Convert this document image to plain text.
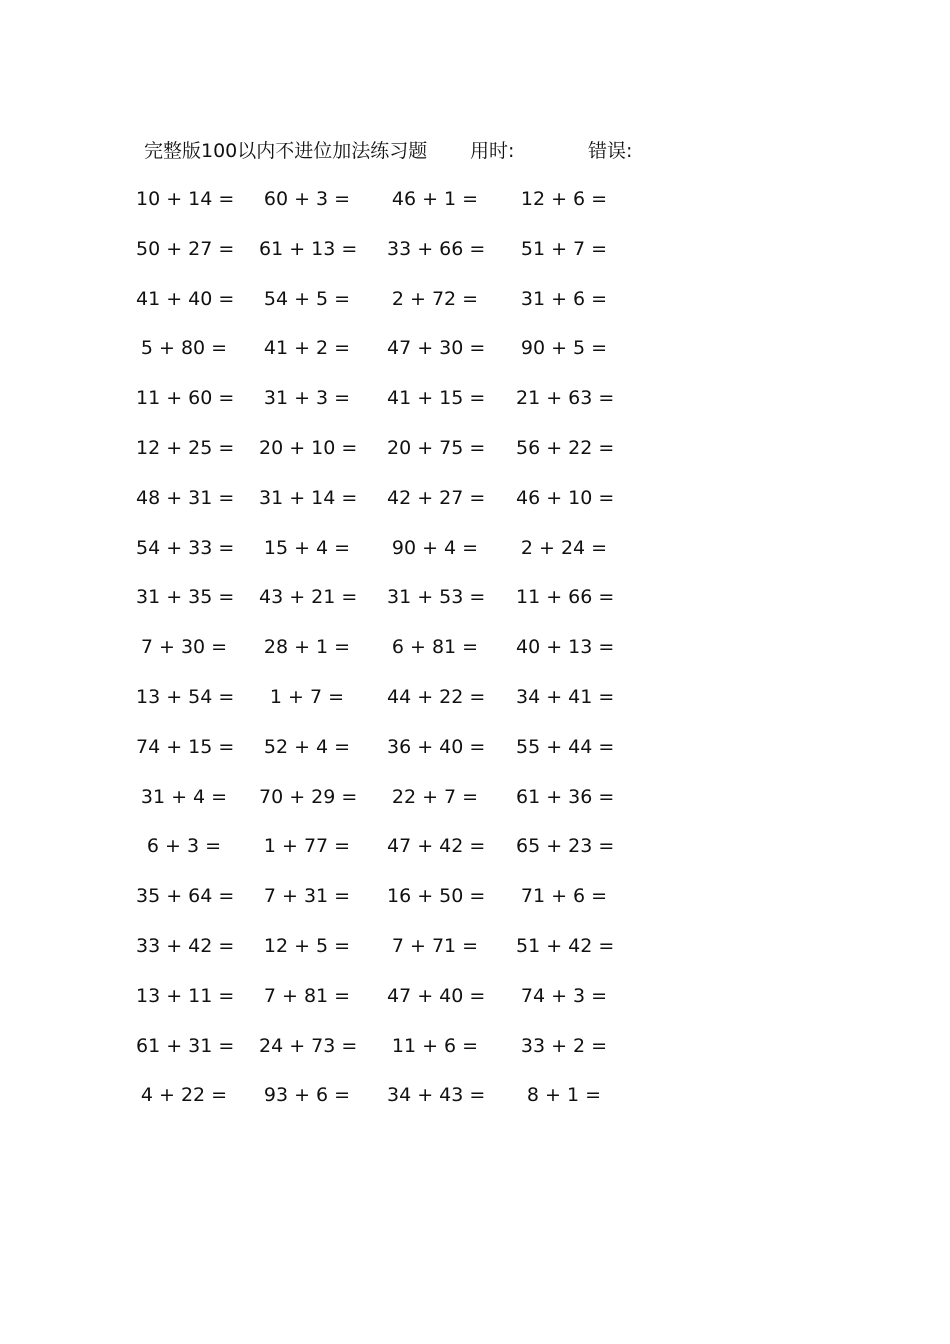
完整版100以内不进位加法练习题 用时:	错误:
10 + 14 = 60 + 3 = 46 + 1 = 12 + 6 =
50 + 27 = 61 + 13 = 33 + 66 = 51 + 7 =
41 + 40 = 54 + 5 = 2 + 72 = 31 + 6 =
5 + 80 = 41 + 2 = 47 + 30 = 90 + 5 =
11 + 60 = 31 + 3 = 41 + 15 = 21 + 63 =
12 + 25 = 20 + 10 = 20 + 75 = 56 + 22 =
48 + 31 = 31 + 14 = 42 + 27 = 46 + 10 =
54 + 33 = 15 + 4 = 90 + 4 = 2 + 24 =
31 + 35 = 43 + 21 = 31 + 53 = 11 + 66 =
7 + 30 = 28 + 1 = 6 + 81 = 40 + 13 =
13 + 54 =	1 + 7 =	44 + 22 = 34 + 41 =
74 + 15 = 52 + 4 = 36 + 40 = 55 + 44 =
31 + 4 = 70 + 29 = 22 + 7 = 61 + 36 =
6 + 3 =	1 + 77 = 47 + 42 = 65 + 23 =
35 + 64 = 7 + 31 = 16 + 50 = 71 + 6 =
33 + 42 = 12 + 5 = 7 + 71 = 51 + 42 =
13 + 11 = 7 + 81 = 47 + 40 = 74 + 3 =
61 + 31 = 24 + 73 = 11 + 6 = 33 + 2 =
4 + 22 = 93 + 6 = 34 + 43 =	8 + 1 =
